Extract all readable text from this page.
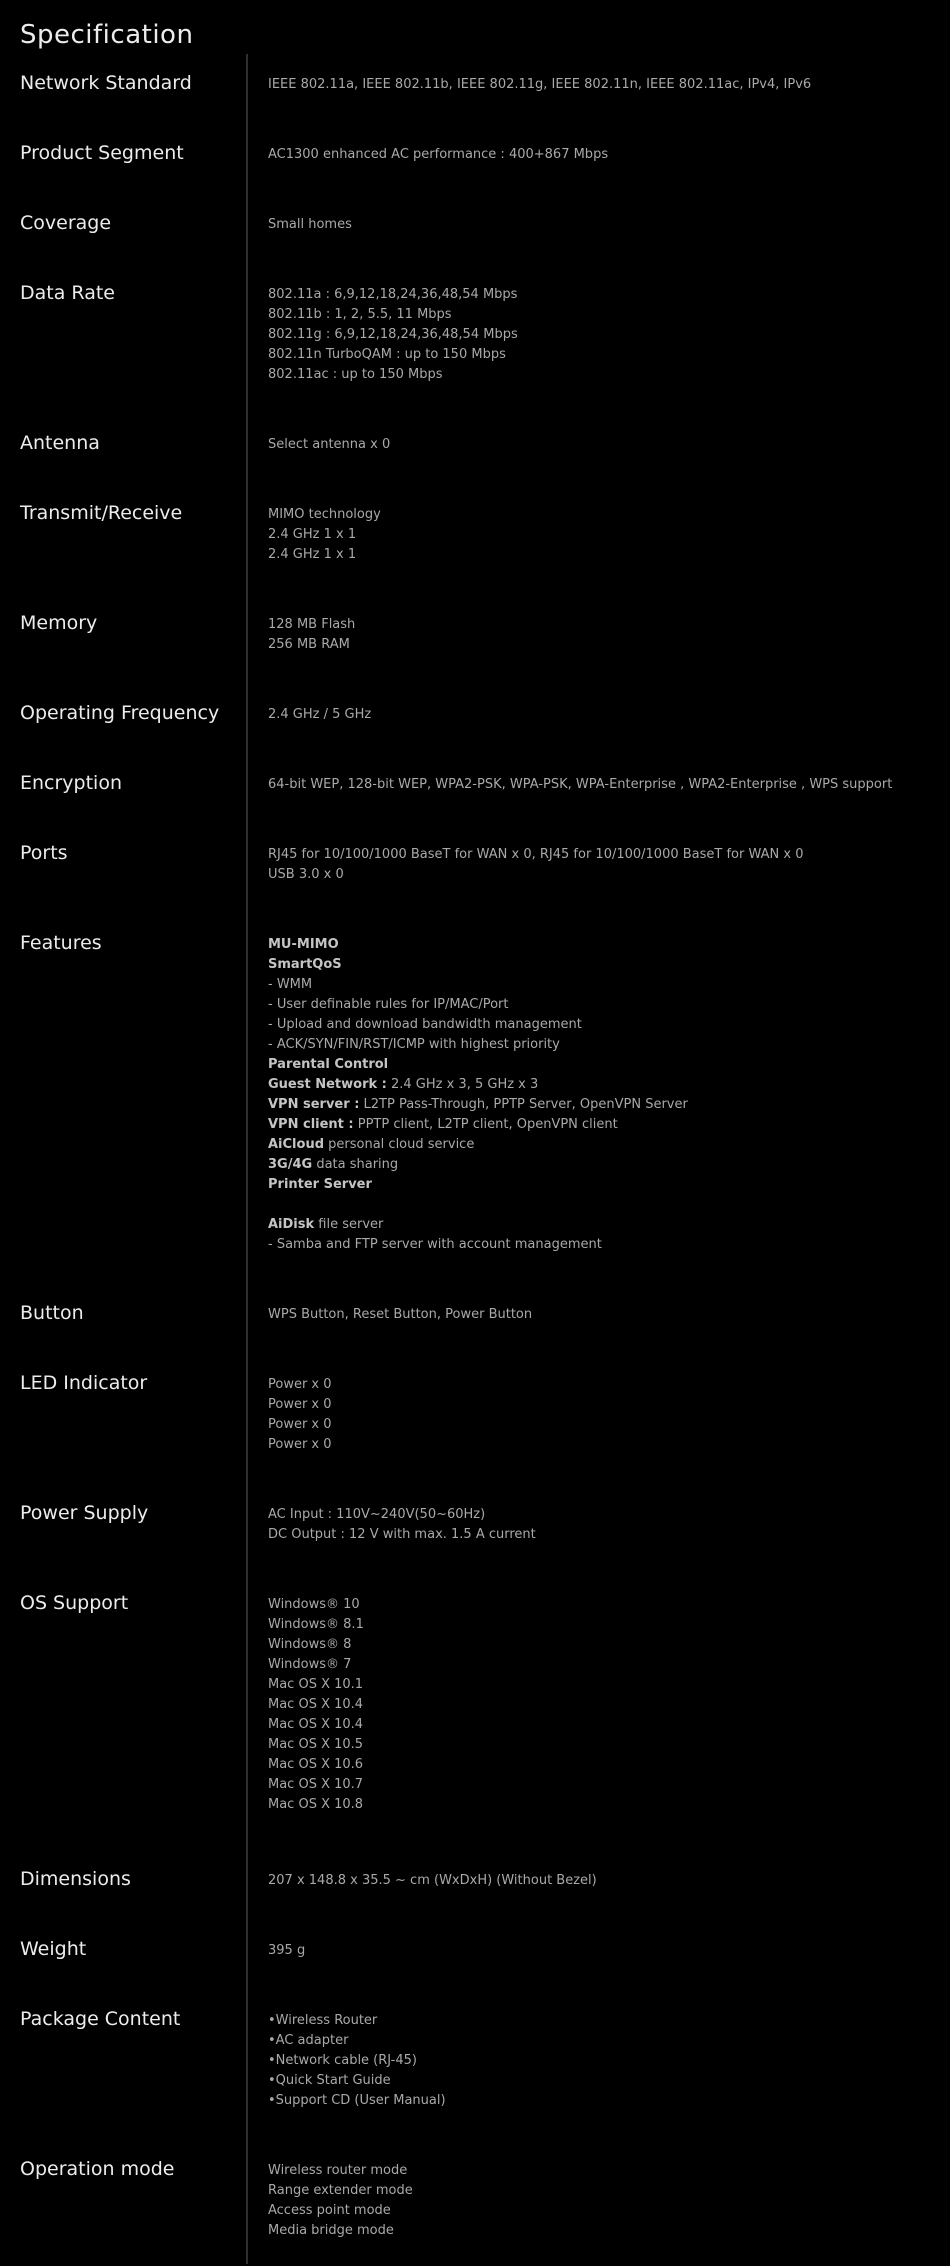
Specification
Network Standard	IEEE 802.11a, IEEE 802.11b, IEEE 802.11g, IEEE 802.11n, IEEE 802.11ac, IPv4, IPv6
Product Segment	AC1300 enhanced AC performance : 400+867 Mbps
Coverage	Small homes
Data Rate	802.11a : 6,9,12,18,24,36,48,54 Mbps
802.11b : 1, 2, 5.5, 11 Mbps
802.11g : 6,9,12,18,24,36,48,54 Mbps
802.11n TurboQAM : up to 150 Mbps
802.11ac : up to 150 Mbps
Antenna	Select antenna x 0
Transmit/Receive	MIMO technology
2.4 GHz 1 x 1
2.4 GHz 1 x 1
Memory	128 MB Flash
256 MB RAM
Operating Frequency	2.4 GHz / 5 GHz
Encryption	64-bit WEP, 128-bit WEP, WPA2-PSK, WPA-PSK, WPA-Enterprise , WPA2-Enterprise , WPS support
Ports	RJ45 for 10/100/1000 BaseT for WAN x 0, RJ45 for 10/100/1000 BaseT for WAN x 0
USB 3.0 x 0
Features	MU-MIMO
SmartQoS
- WMM
- User definable rules for IP/MAC/Port
- Upload and download bandwidth management
- ACK/SYN/FIN/RST/ICMP with highest priority
Parental Control
Guest Network : 2.4 GHz x 3, 5 GHz x 3
VPN server : L2TP Pass-Through, PPTP Server, OpenVPN Server
VPN client : PPTP client, L2TP client, OpenVPN client
AiCloud personal cloud service
3G/4G data sharing
Printer Server
AiDisk file server
- Samba and FTP server with account management
Button	WPS Button, Reset Button, Power Button
LED Indicator	Power x 0
Power x 0
Power x 0
Power x 0
Power Supply	AC Input : 110V~240V(50~60Hz)
DC Output : 12 V with max. 1.5 A current
OS Support	Windows® 10
Windows® 8.1
Windows® 8
Windows® 7
Mac OS X 10.1
Mac OS X 10.4
Mac OS X 10.4
Mac OS X 10.5
Mac OS X 10.6
Mac OS X 10.7
Mac OS X 10.8
Dimensions	207 x 148.8 x 35.5 ~ cm (WxDxH) (Without Bezel)
Weight	395 g
Package Content	•Wireless Router
•AC adapter
•Network cable (RJ-45)
•Quick Start Guide
•Support CD (User Manual)
Operation mode	Wireless router mode
Range extender mode
Access point mode
Media bridge mode
